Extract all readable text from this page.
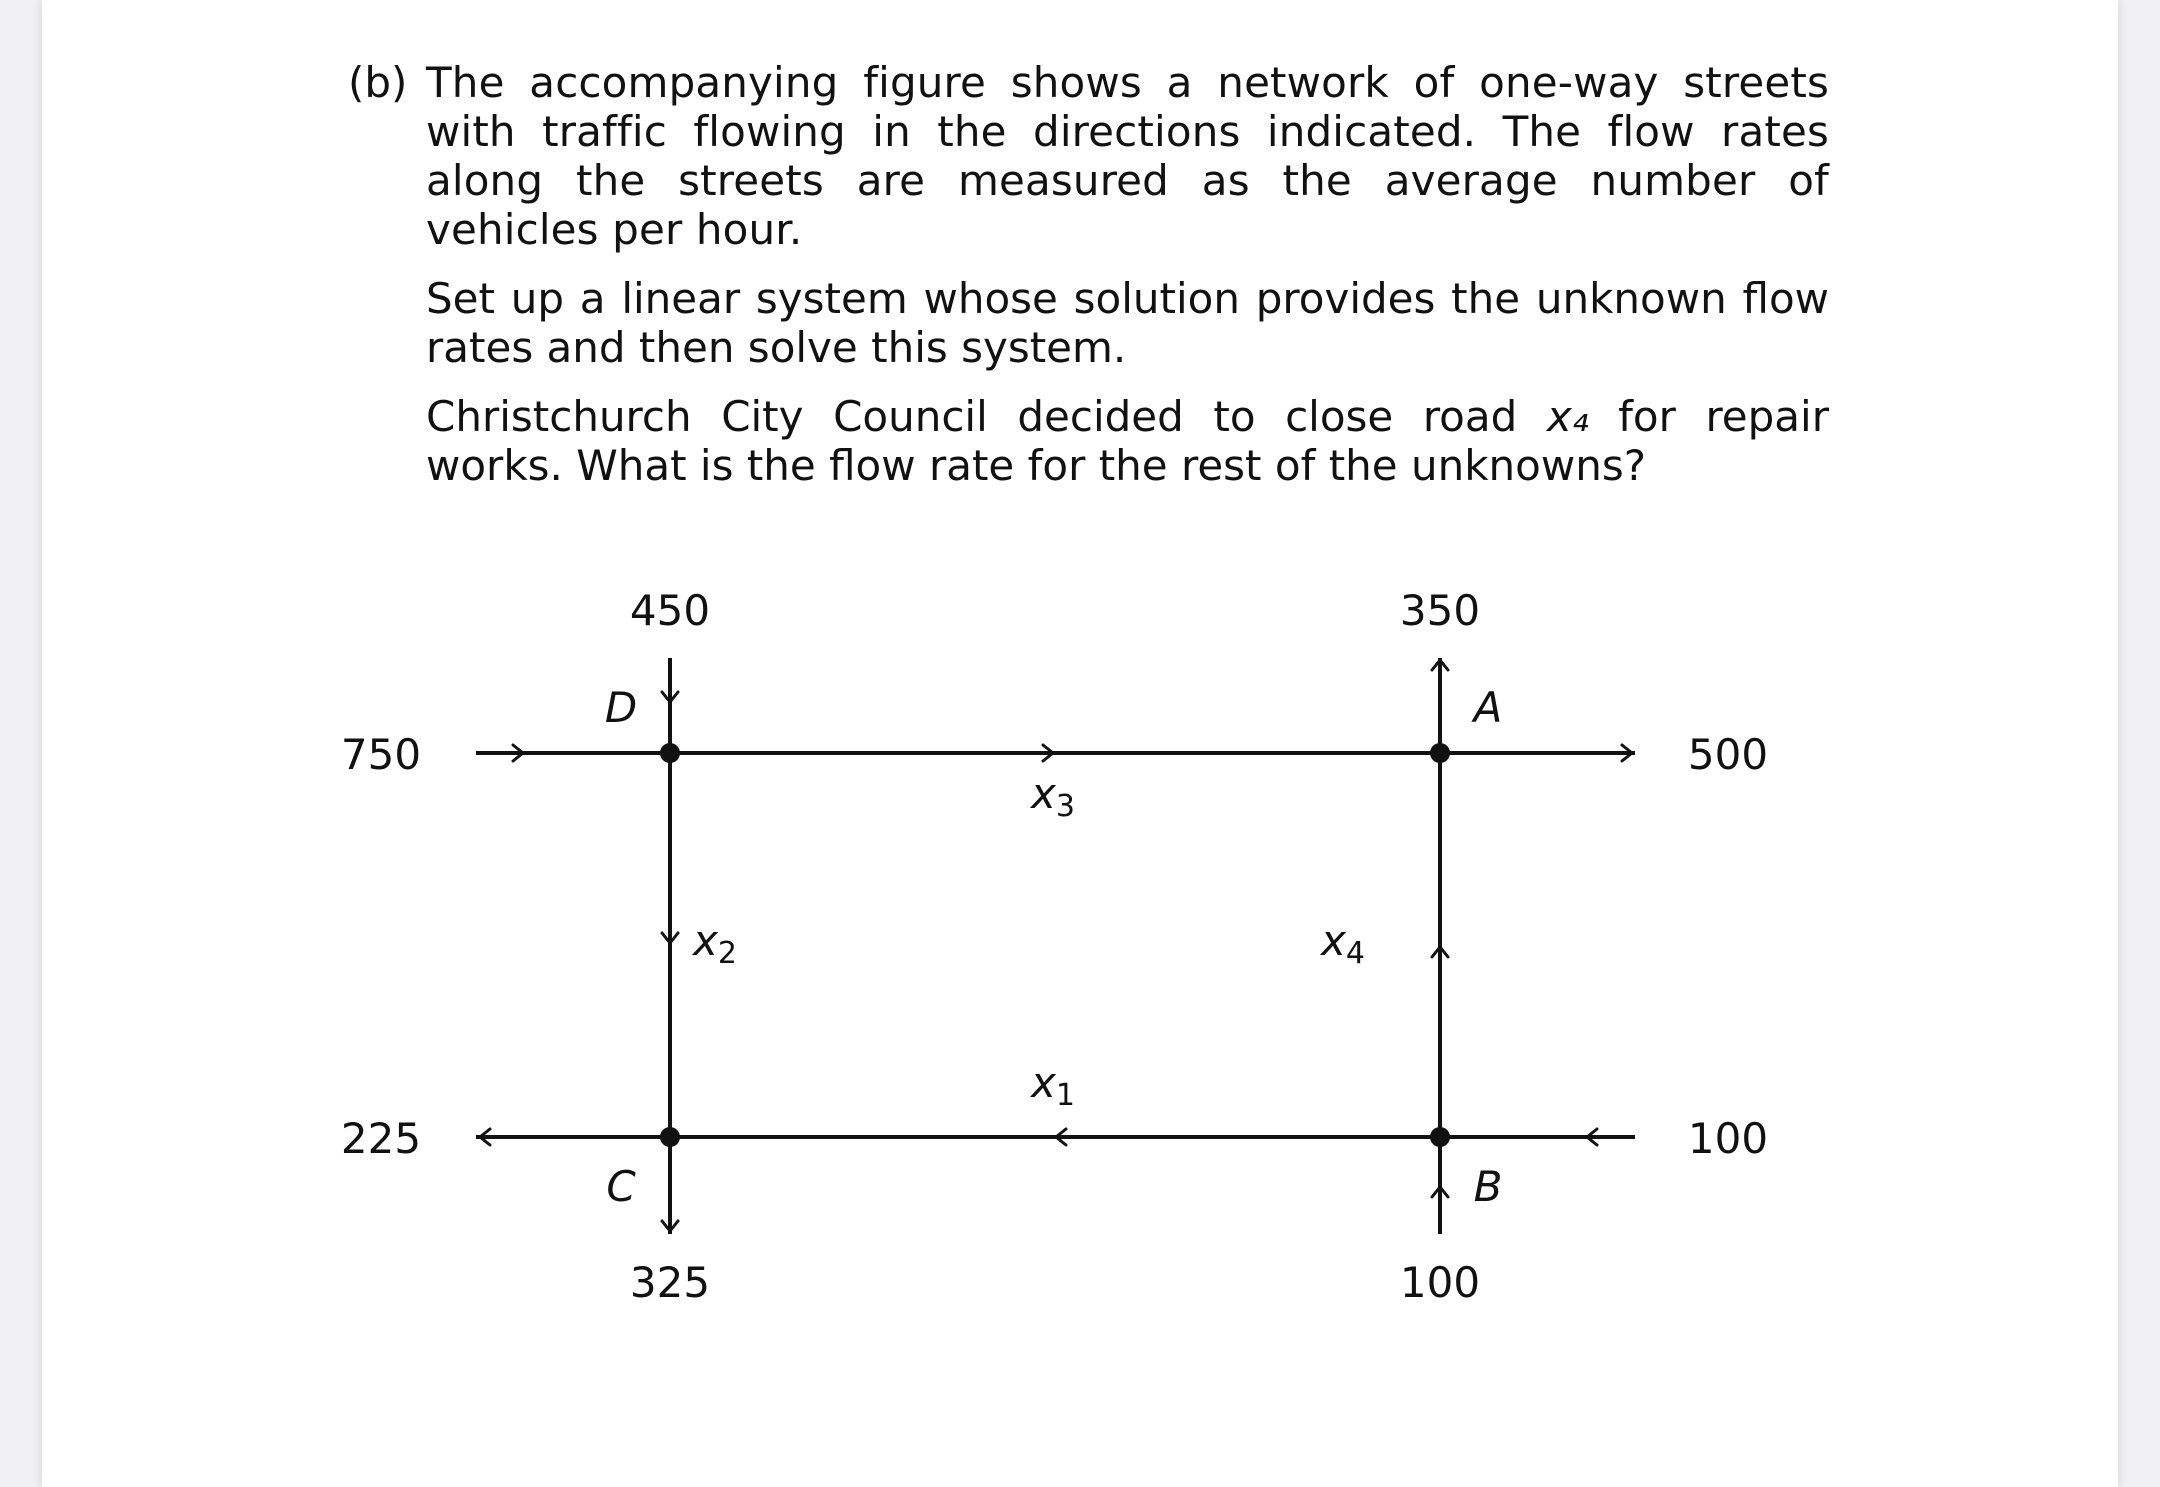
(b) The accompanying figure shows a network of one-way streets with traffic flowing in the directions indicated. The flow rates along the streets are measured as the average number of vehicles per hour.

Set up a linear system whose solution provides the unknown flow rates and then solve this system.

Christchurch City Council decided to close road x₄ for repair works. What is the flow rate for the rest of the unknowns?

D	A
C	B
450	350
750	500
225	100
325	100
x3
x2	x4
x1
